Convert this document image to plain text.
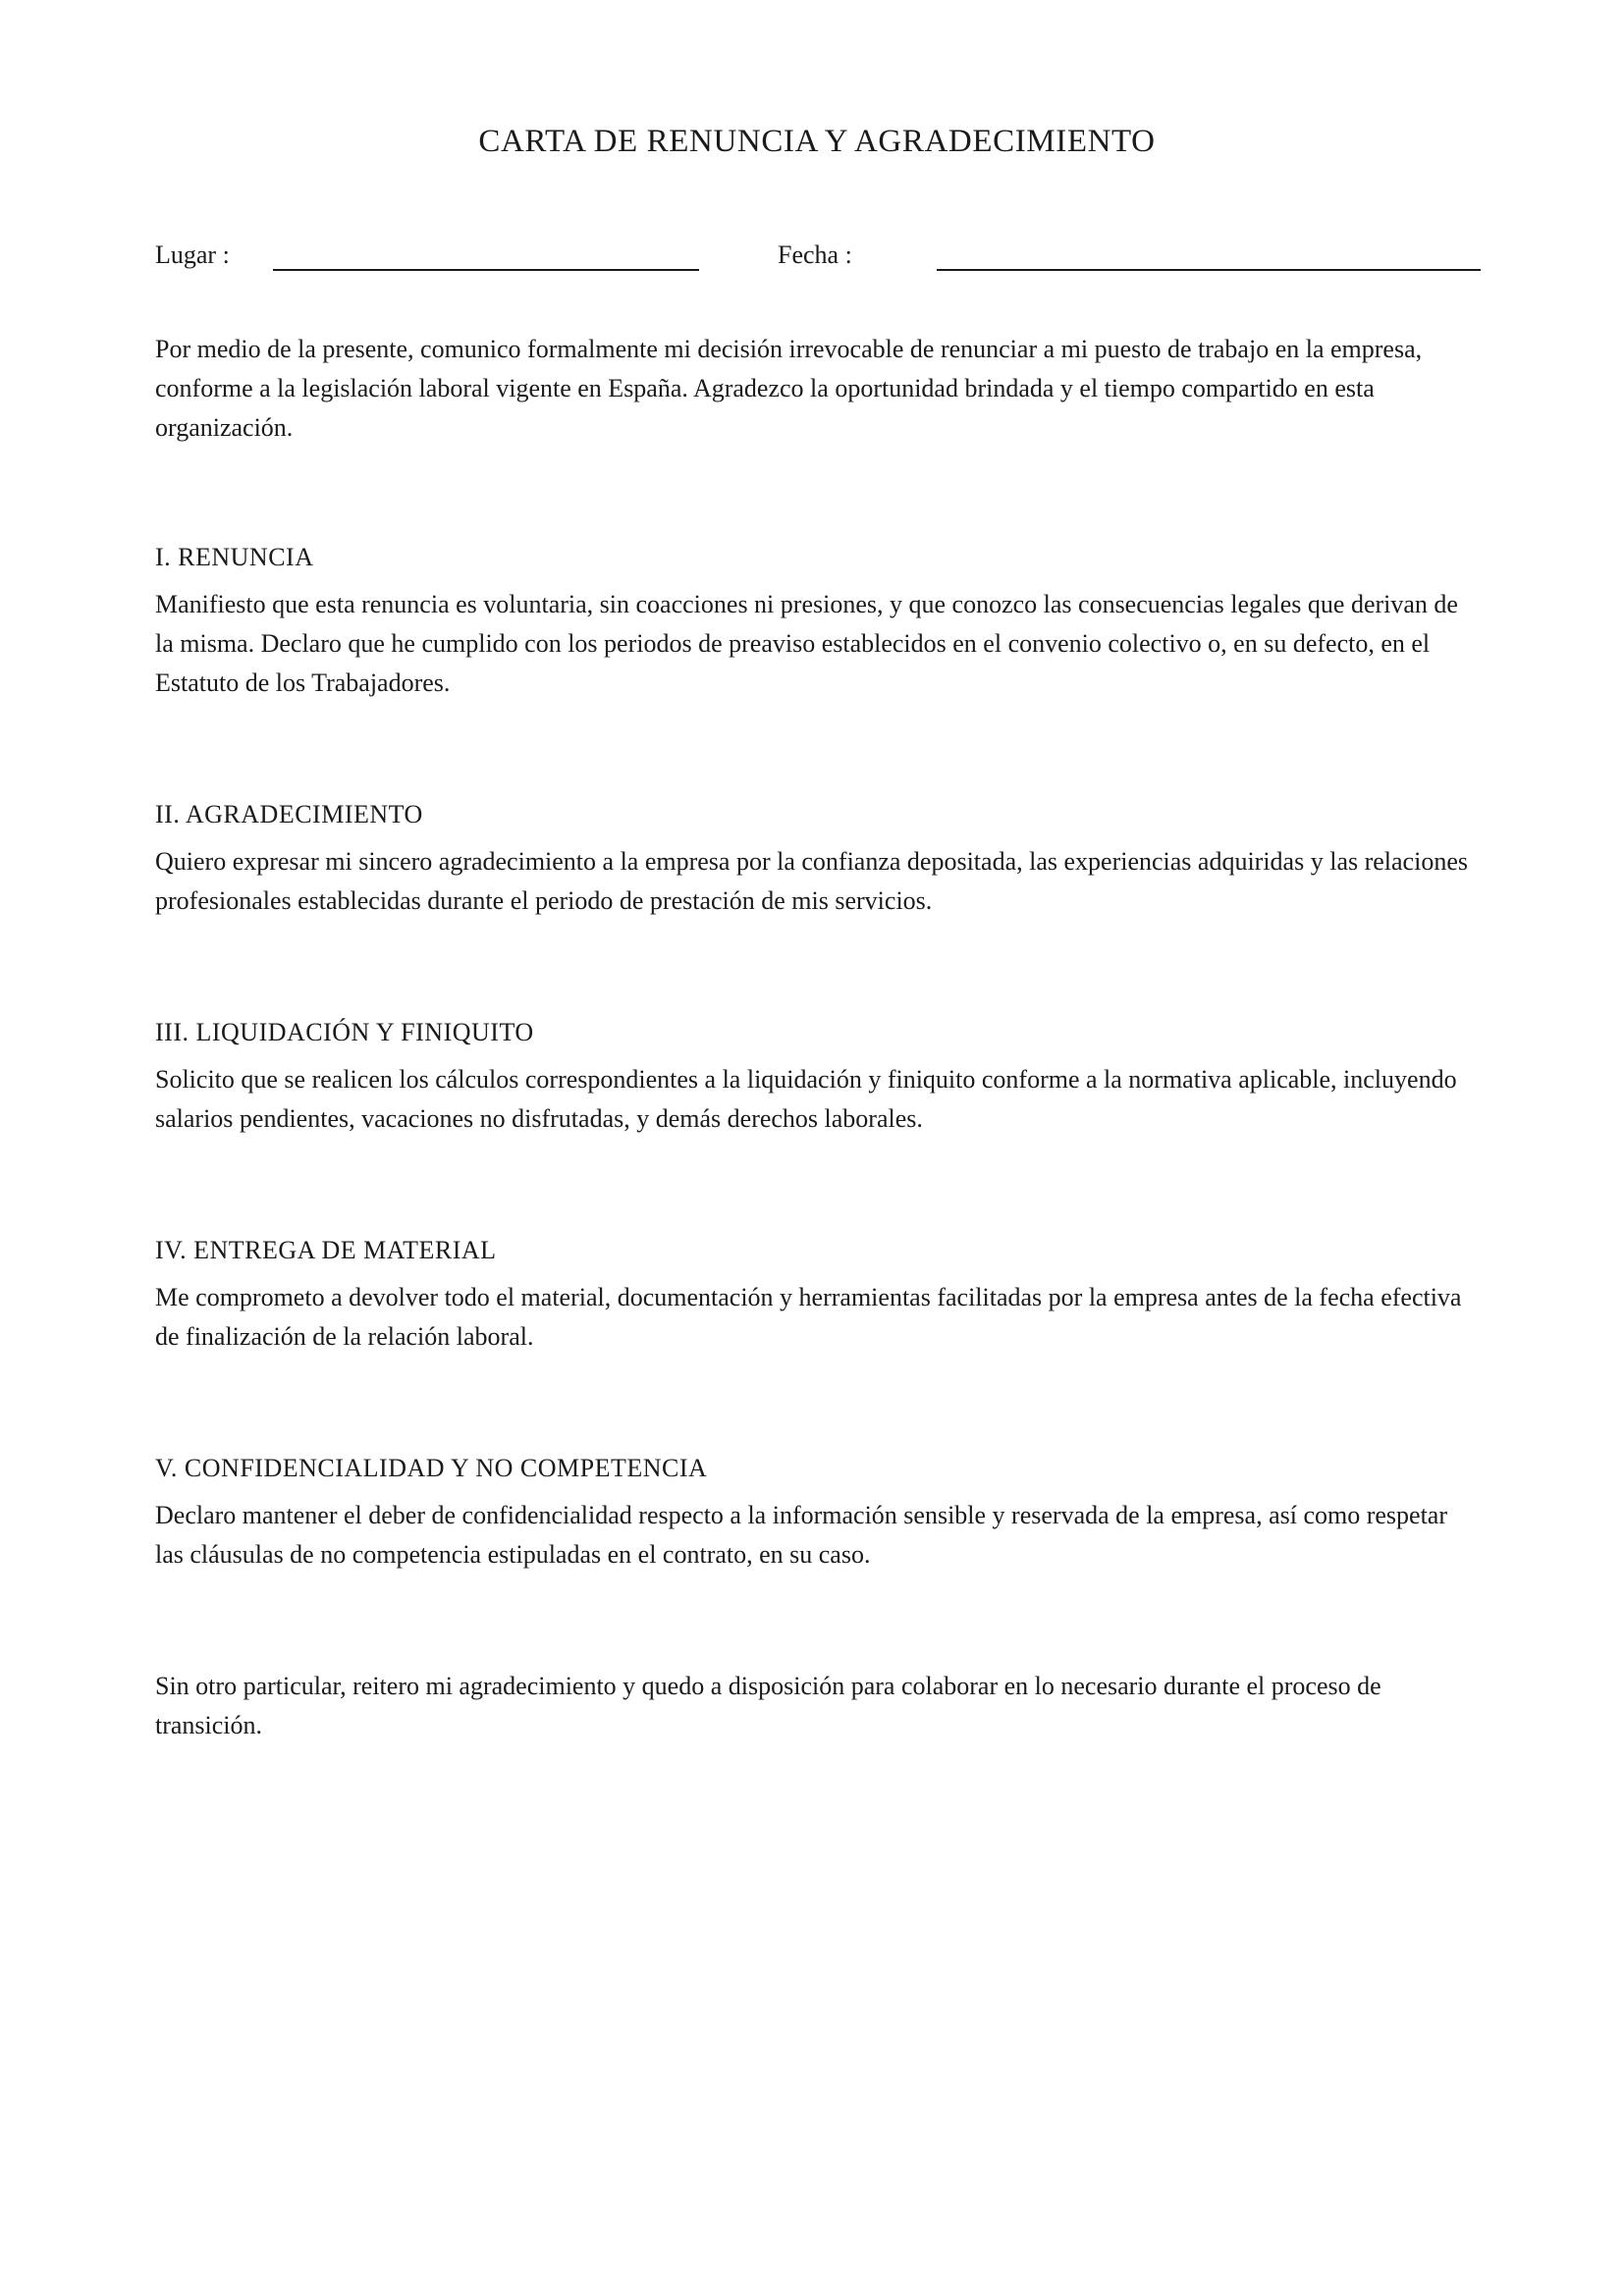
CARTA DE RENUNCIA Y AGRADECIMIENTO
Lugar :	Fecha :

Por medio de la presente, comunico formalmente mi decisión irrevocable de renunciar a mi puesto de trabajo en la empresa, conforme a la legislación laboral vigente en España. Agradezco la oportunidad brindada y el tiempo compartido en esta organización.

I. RENUNCIA

Manifiesto que esta renuncia es voluntaria, sin coacciones ni presiones, y que conozco las consecuencias legales que derivan de la misma. Declaro que he cumplido con los periodos de preaviso establecidos en el convenio colectivo o, en su defecto, en el Estatuto de los Trabajadores.

II. AGRADECIMIENTO

Quiero expresar mi sincero agradecimiento a la empresa por la confianza depositada, las experiencias adquiridas y las relaciones profesionales establecidas durante el periodo de prestación de mis servicios.

III. LIQUIDACIÓN Y FINIQUITO

Solicito que se realicen los cálculos correspondientes a la liquidación y finiquito conforme a la normativa aplicable, incluyendo salarios pendientes, vacaciones no disfrutadas, y demás derechos laborales.

IV. ENTREGA DE MATERIAL

Me comprometo a devolver todo el material, documentación y herramientas facilitadas por la empresa antes de la fecha efectiva de finalización de la relación laboral.

V. CONFIDENCIALIDAD Y NO COMPETENCIA

Declaro mantener el deber de confidencialidad respecto a la información sensible y reservada de la empresa, así como respetar las cláusulas de no competencia estipuladas en el contrato, en su caso.

Sin otro particular, reitero mi agradecimiento y quedo a disposición para colaborar en lo necesario durante el proceso de transición.
